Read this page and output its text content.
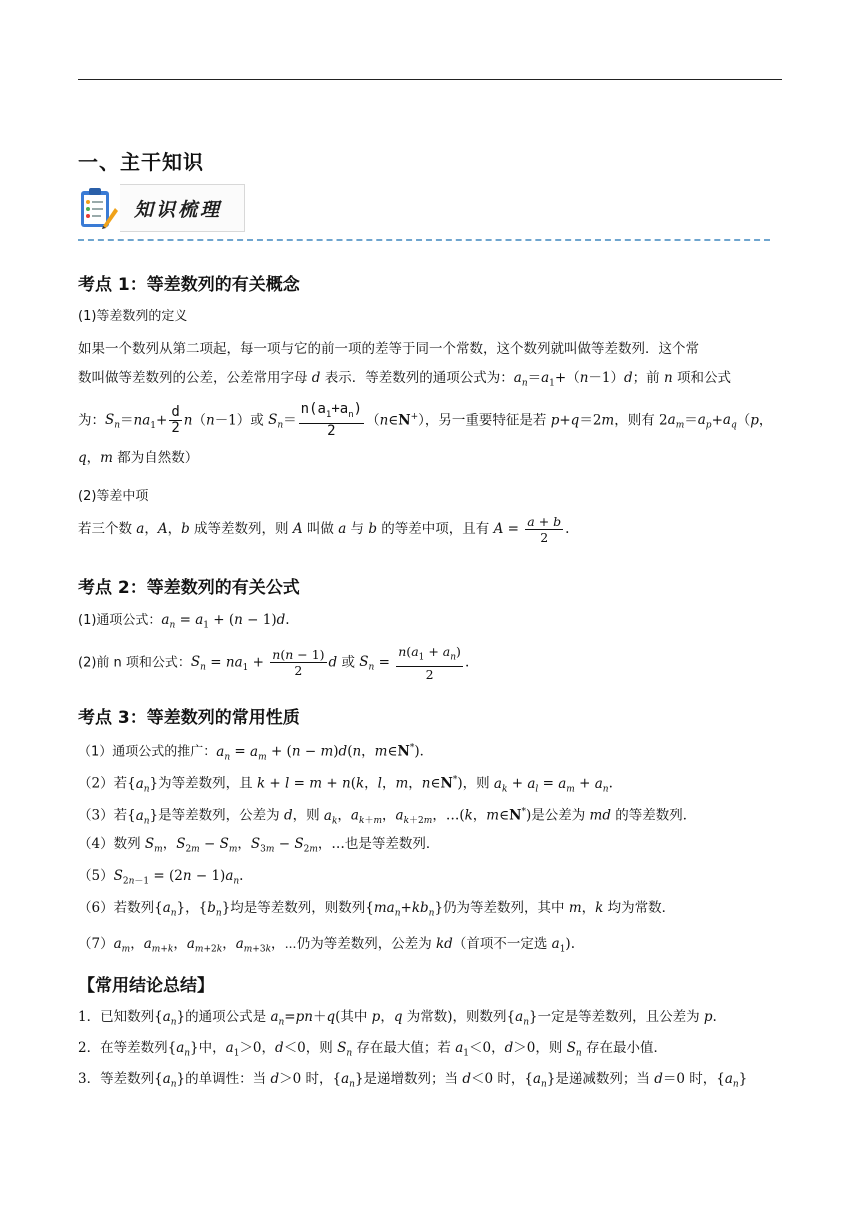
一、主干知识
知识梳理
考点 1：等差数列的有关概念
(1)等差数列的定义
如果一个数列从第二项起，每一项与它的前一项的差等于同一个常数，这个数列就叫做等差数列．这个常
数叫做等差数列的公差，公差常用字母 d 表示．等差数列的通项公式为：$a_n=a_1+(n-1)d$；前 n 项和公式
为：$S_n=na_1+ \frac{d}{2} n(n-1)$或 $S_n= \frac{n(a_1+a_n)}{2}$ （n∈N+），另一重要特征是若 p+q＝2m，则有 $2a_m=a_p+a_q(p$，
q，m 都为自然数）
(2)等差中项
若三个数 a，A，b 成等差数列，则 A 叫做 a 与 b 的等差中项，且有 $A = \frac{a + b}{2}$ .
考点 2：等差数列的有关公式
(1)通项公式：$a_n = a_1 + (n - 1)d$.
(2)前 n 项和公式：$S_n = na_1 + \frac{n(n - 1)}{2}$ d 或 $S_n = \frac{n(a_1 + a_n)}{2}$ .
考点 3：等差数列的常用性质
（1）通项公式的推广：$a_n = a_m + (n - m)d(n$，m∈N*)．
（2）若$\{a_n\}$为等差数列，且 k + l = m + n(k，l，m，n∈N*)，则 $a_k + a_l = a_m + a_n$.
（3）若$\{a_n\}$是等差数列，公差为 d，则 $a_k$，$a_{k+m}$，$a_{k+2m}$，…(k，m∈N*)是公差为 md 的等差数列．
（4）数列 $S_m$，$S_{2m} - S_m$，$S_{3m} - S_{2m}$，…也是等差数列．
$(5)S_{2n-1} = (2n - 1)a_n$.
（6）若数列$\{a_n\}$，$\{b_n\}$均是等差数列，则数列$\{ma_n+kb_n\}$仍为等差数列，其中 m，k 均为常数．
$(7)a_m$，$a_{m+k}$，$a_{m+2k}$，$a_{m+3k}$，⋯仍为等差数列，公差为 kd（首项不一定选 $a_1$).
【常用结论总结】
1．已知数列$\{a_n\}$的通项公式是 $a_n=pn+q$(其中 p，q 为常数)，则数列$\{a_n\}$一定是等差数列，且公差为 p.
2．在等差数列$\{a_n\}$中，$a_1>0$，d＜0，则 $S_n$ 存在最大值；若 $a_1<0$，d＞0，则 $S_n$ 存在最小值．
3．等差数列$\{a_n\}$的单调性：当 d＞0 时，$\{a_n\}$是递增数列；当 d＜0 时，$\{a_n\}$是递减数列；当 d＝0 时，$\{a_n\}$
